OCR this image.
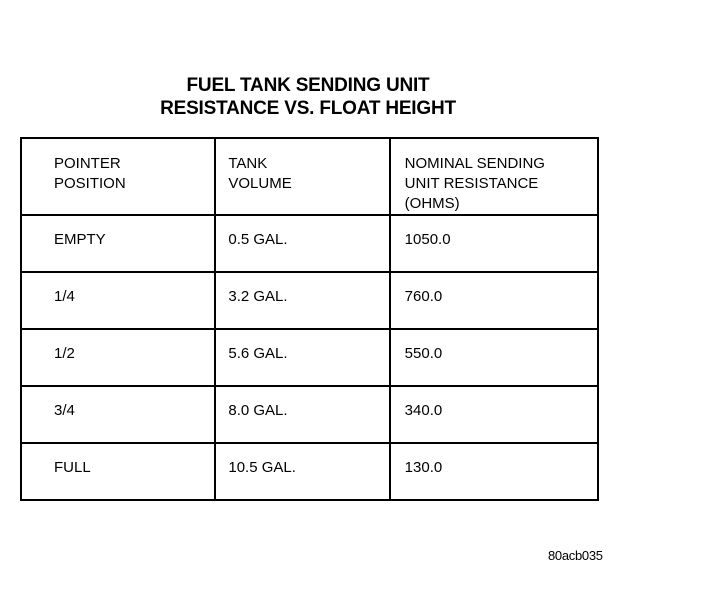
FUEL TANK SENDING UNIT
RESISTANCE VS. FLOAT HEIGHT
POINTER
POSITION	TANK
VOLUME	NOMINAL SENDING
UNIT RESISTANCE
(OHMS)

EMPTY	0.5 GAL.	1050.0

1/4	3.2 GAL.	760.0

1/2	5.6 GAL.	550.0

3/4	8.0 GAL.	340.0

FULL	10.5 GAL.	130.0
80acb035
